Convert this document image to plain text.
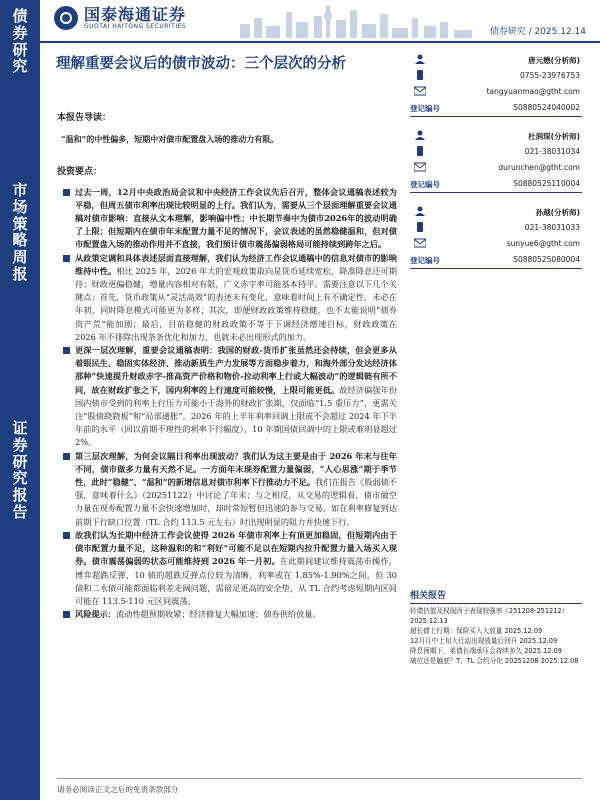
债
券
研
究
市
场
策
略
周
报
证
券
研
究
报
告
国泰海通证券
GUOTAI HAITONG SECURITIES
债券研究 / 2025.12.14
理解重要会议后的债市波动：三个层次的分析
本报告导读：
“温和”的中性偏多，短期中对债市配置盘入场的推动力有限。
投资要点：
过去一周，12月中央政治局会议和中央经济工作会议先后召开，整体会议通稿表述较为平稳，但周五债市利率出现比较明显的上行。我们认为，需要从三个层面理解重要会议通稿对债市影响：直接从文本理解，影响偏中性；中长期节奏中为债市2026年的波动明确了上限；但短期内在债市年末配置力量不足的情况下，会议表述的虽然稳健温和，但对债市配置盘入场的推动作用并不直接，我们预计债市震荡偏弱格局可能持续到跨年之后。
从政策定调和具体表述层面直接理解，我们认为经济工作会议通稿中的信息对债市的影响维持中性。相比 2025 年，2026 年大的宏观政策取向是货币延续宽松，降准降息还可期待；财政更偏稳健，增量内容相对有限，广义赤字率可能基本持平。需要注意以下几个关键点：首先，货币政策从“灵活高效”的表述未有变化，意味着时间上有不确定性，未必在年初，同时降息模式可能更为多样；其次，即便财政政策维持稳健，也不太能说明“债券资产荒”能加剧；最后，目前稳健的财政政策不等于下调经济增速目标，财政政策在 2026 年不排除出现条条优化和加力，也就未必出现形式的加力。
更深一层次理解，重要会议通稿表明：我国的财政-货币扩张虽然还会持续，但会更多从着眼民生、稳固实体经济、推动新质生产力发展等方面稳步着力，和海外部分发达经济体那种“快速提升财政赤字-推高资产价格和物价-拉动利率上行或大幅波动”的逻辑链有所不同，故在财政扩张之下，国内利率的上行速度可能较慢，上限可能更低。故经济偏强年份国内债市受到的利率上行压力可能小于海外的财政扩张期，仅面临“1.5 重压力”，更需关注“股债跷跷板”和“局部通胀”。2026 年的上半年利率回调上限或不会超过 2024 年下半年前的水平（回以前期不理性的利率下行幅度），10 年期国债回调中的上限或难明显超过 2%。
第三层次理解，为何会议隔日利率出现波动？我们认为这主要是由于 2026 年末与往年不同，债市做多力量有天然不足。一方面年末现券配置力量偏弱，“人心思涨”期于季节性，此时“稳健”、“温和”的新增信息对债市利率下行推动力不足。我们在报告《股弱债不强，意味着什么》（20251122）中讨论了年末；与之相反，从交易的逻辑看，债市做空力量在现券配置力量不会快速增加时，却时常短暂但迅速的参与交易。如在利率修复到达前期下行缺口位置（TL 合约 113.5 元左右）时出现明显的阻力并快速下行。
故我们认为长期中经济工作会议使得 2026 年债市利率上有顶更加稳固，但短期内由于债市配置力量不足，这种温和的和“利好”可能不足以在短期内拉升配置力量入场买入现券。债市震荡偏弱的状态可能维持到 2026 年一月初。在此期间建议维持震荡市操作，博弈超跌反弹，10 债的超跌反弹点位较为清晰，利率或在 1.85%-1.90%之间，但 30 债和二永债可能都面临利差走阔问题，需留足更高的安全垫，从 TL 合约考虑短期内区间可能在 113.5-110 元区间震荡。
风险提示：流动性超预期收紧；经济修复大幅加速；债券供给放量。
唐元懋(分析师)
0755-23976753
tangyuanmao@gtht.com
登记编号	S0880524040002
杜润琛(分析师)
021-38031034
durunchen@gtht.com
登记编号	S0880525110004
孙越(分析师)
021-38031033
sunyue6@gtht.com
登记编号	S0880525080004
相关报告
转债估值及权现因子表现较强率（251208-251212） 2025.12.13
超长债上行期：保险买入大放量 2025.12.09
12月月中上旬大行动出现放量后回升 2025.12.09
降息预期下，柔债长端承压会持续多久 2025.12.09
破位还是触底？T、TL 合约分化 20251208 2025.12.08
请务必阅读正文之后的免责条款部分
